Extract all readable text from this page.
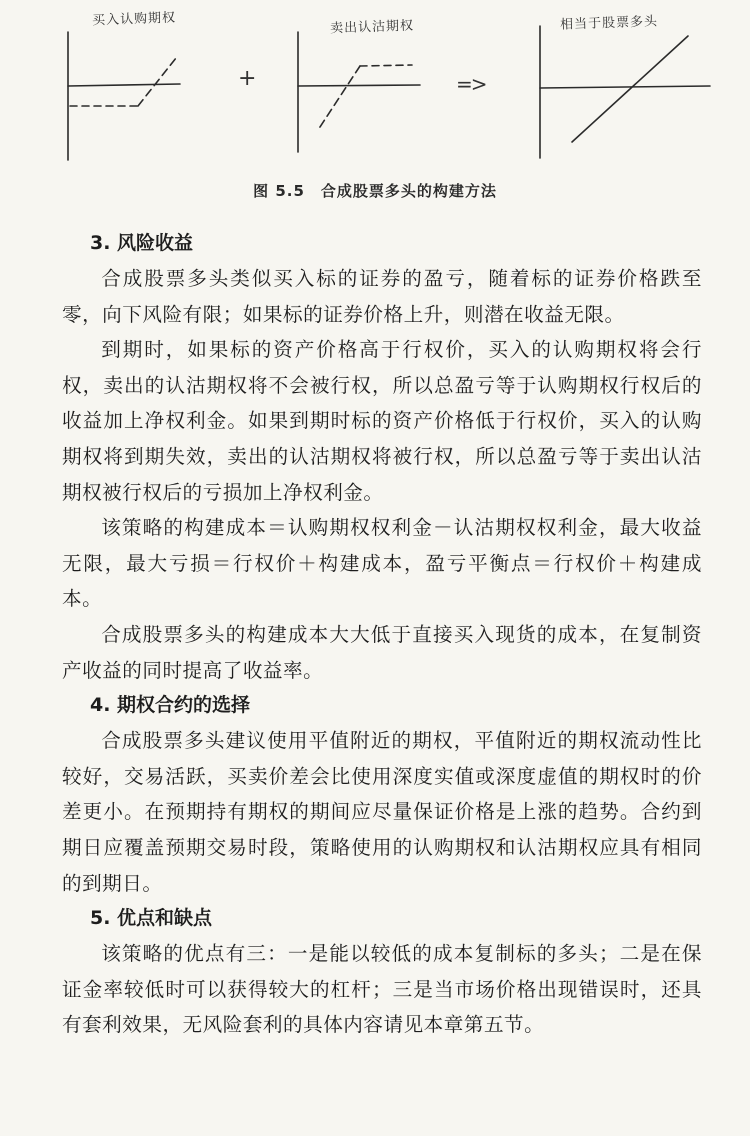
买入认购期权	卖出认沽期权	相当于股票多头
+	=>
图 5.5　合成股票多头的构建方法
3. 风险收益

合成股票多头类似买入标的证券的盈亏，随着标的证券价格跌至零，向下风险有限；如果标的证券价格上升，则潜在收益无限。

到期时，如果标的资产价格高于行权价，买入的认购期权将会行权，卖出的认沽期权将不会被行权，所以总盈亏等于认购期权行权后的收益加上净权利金。如果到期时标的资产价格低于行权价，买入的认购期权将到期失效，卖出的认沽期权将被行权，所以总盈亏等于卖出认沽期权被行权后的亏损加上净权利金。

该策略的构建成本＝认购期权权利金－认沽期权权利金，最大收益无限，最大亏损＝行权价＋构建成本，盈亏平衡点＝行权价＋构建成本。

合成股票多头的构建成本大大低于直接买入现货的成本，在复制资产收益的同时提高了收益率。

4. 期权合约的选择

合成股票多头建议使用平值附近的期权，平值附近的期权流动性比较好，交易活跃，买卖价差会比使用深度实值或深度虚值的期权时的价差更小。在预期持有期权的期间应尽量保证价格是上涨的趋势。合约到期日应覆盖预期交易时段，策略使用的认购期权和认沽期权应具有相同的到期日。

5. 优点和缺点

该策略的优点有三：一是能以较低的成本复制标的多头；二是在保证金率较低时可以获得较大的杠杆；三是当市场价格出现错误时，还具有套利效果，无风险套利的具体内容请见本章第五节。
